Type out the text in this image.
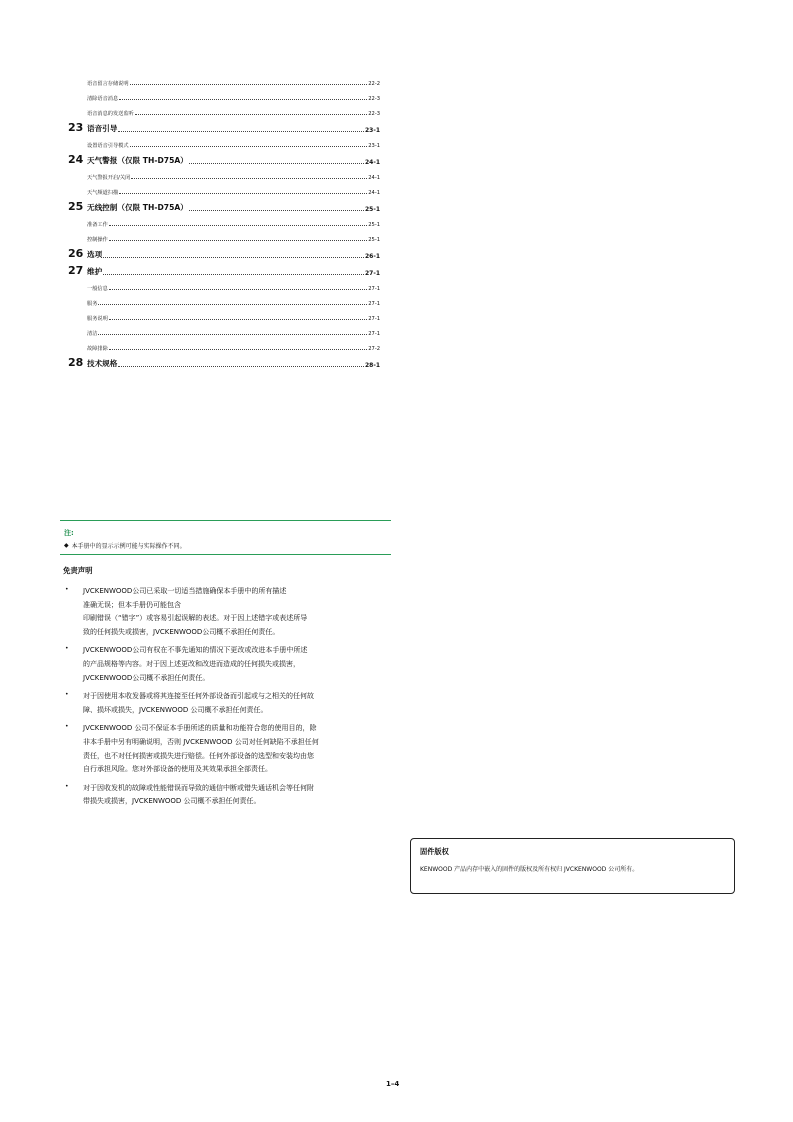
语音留言存储说明	22-2
清除语音消息	22-3
语音消息的发送监听	22-3
23 语音引导	23-1
设置语音引导模式	23-1
24 天气警报（仅限 TH-D75A）	24-1
天气警报开启/关闭	24-1
天气频道扫描	24-1
25 无线控制（仅限 TH-D75A）	25-1
准备工作	25-1
控制操作	25-1
26 选项	26-1
27 维护	27-1
一般信息	27-1
服务	27-1
服务说明	27-1
清洁	27-1
故障排除	27-2
28 技术规格	28-1
注:
◆ 本手册中的显示示例可能与实际操作不同。
免责声明
• JVCKENWOOD公司已采取一切适当措施确保本手册中的所有描述
准确无误；但本手册仍可能包含
印刷错误（“错字”）或容易引起误解的表述。对于因上述错字或表述所导
致的任何损失或损害，JVCKENWOOD公司概不承担任何责任。
• JVCKENWOOD公司有权在不事先通知的情况下更改或改进本手册中所述
的产品规格等内容。对于因上述更改和改进而造成的任何损失或损害，
JVCKENWOOD公司概不承担任何责任。
• 对于因使用本收发器或将其连接至任何外部设备而引起或与之相关的任何故
障、损坏或损失，JVCKENWOOD 公司概不承担任何责任。
• JVCKENWOOD 公司不保证本手册所述的质量和功能符合您的使用目的，除
非本手册中另有明确说明，否则 JVCKENWOOD 公司对任何缺陷不承担任何
责任，也不对任何损害或损失进行赔偿。任何外部设备的选型和安装均由您
自行承担风险。您对外部设备的使用及其效果承担全部责任。
• 对于因收发机的故障或性能错误而导致的通信中断或错失通话机会等任何附
带损失或损害，JVCKENWOOD 公司概不承担任何责任。
固件版权
KENWOOD 产品内存中嵌入的固件的版权及所有权归 JVCKENWOOD 公司所有。
1–4
